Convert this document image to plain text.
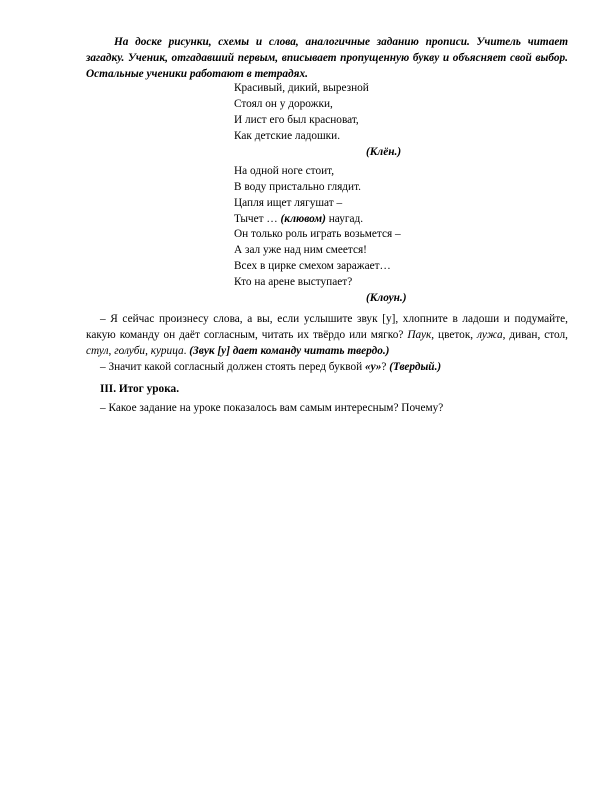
На доске рисунки, схемы и слова, аналогичные заданию прописи. Учитель читает загадку. Ученик, отгадавший первым, вписывает пропущенную букву и объясняет свой выбор. Остальные ученики работают в тетрадях.

Красивый, дикий, вырезной
Стоял он у дорожки,
И лист его был красноват,
Как детские ладошки.
(Клён.)
На одной ноге стоит,
В воду пристально глядит.
Цапля ищет лягушат –
Тычет … (клювом) наугад.
Он только роль играть возьмется –
А зал уже над ним смеется!
Всех в цирке смехом заражает…
Кто на арене выступает?
(Клоун.)

– Я сейчас произнесу слова, а вы, если услышите звук [у], хлопните в ладоши и подумайте, какую команду он даёт согласным, читать их твёрдо или мягко? Паук, цветок, лужа, диван, стол, стул, голуби, курица. (Звук [у] дает команду читать твердо.)

– Значит какой согласный должен стоять перед буквой «у»? (Твердый.)

III. Итог урока.

– Какое задание на уроке показалось вам самым интересным? Почему?
